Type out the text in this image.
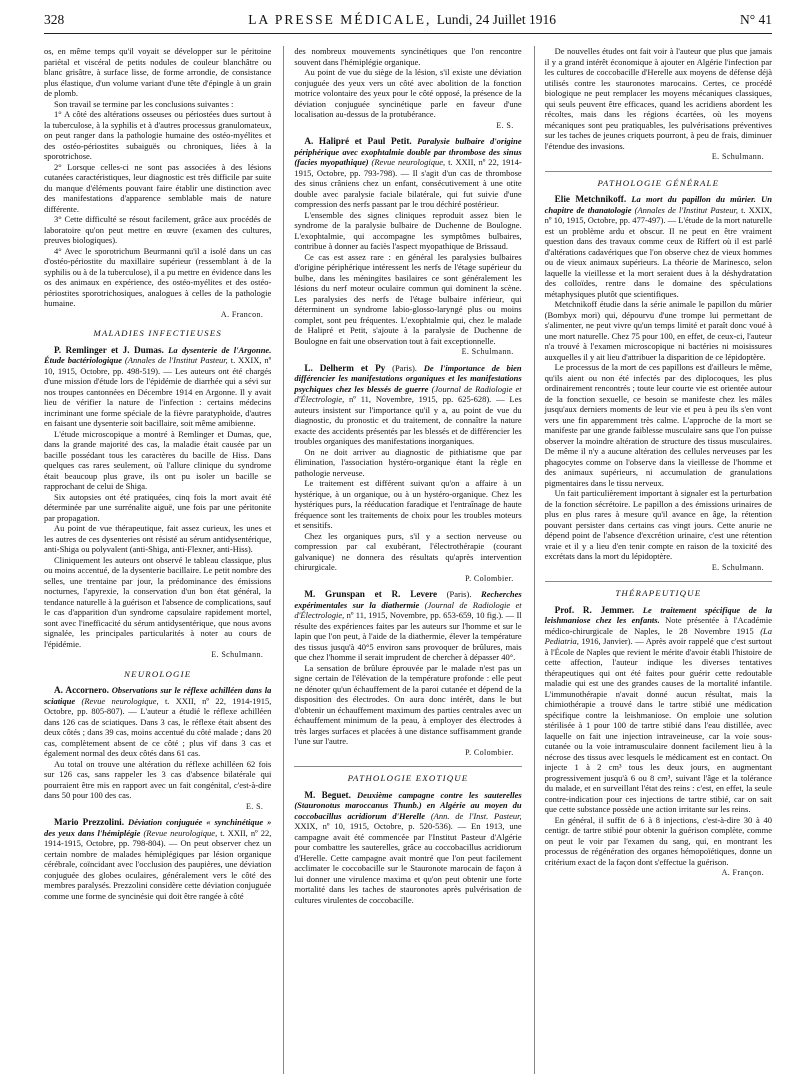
328	LA PRESSE MÉDICALE, Lundi, 24 Juillet 1916	N° 41

os, en même temps qu'il voyait se développer sur le péritoine pariétal et viscéral de petits nodules de couleur blanchâtre ou blanc grisâtre, à surface lisse, de forme arrondie, de consistance plus élastique, d'un volume variant d'une tête d'épingle à un grain de plomb.

Son travail se termine par les conclusions suivantes :

1° A côté des altérations osseuses ou périostées dues surtout à la tuberculose, à la syphilis et à d'autres processus granulomateux, on peut ranger dans la pathologie humaine des ostéo-myélites et des ostéo-périostites subaiguës ou chroniques, liées à la sporotrichose.

2° Lorsque celles-ci ne sont pas associées à des lésions cutanées caractéristiques, leur diagnostic est très difficile par suite du manque d'éléments pouvant faire établir une distinction avec des manifestations d'apparence semblable mais de nature différente.

3° Cette difficulté se résout facilement, grâce aux procédés de laboratoire qu'on peut mettre en œuvre (examen des cultures, preuves biologiques).

4° Avec le sporotrichum Beurmanni qu'il a isolé dans un cas d'ostéo-périostite du maxillaire supérieur (ressemblant à de la syphilis ou à de la tuberculose), il a pu mettre en évidence dans les os des animaux en expérience, des ostéo-myélites et des ostéo-périostites sporotrichosiques, analogues à celles de la pathologie humaine.

A. Francon.
MALADIES INFECTIEUSES

P. Remlinger et J. Dumas. La dysenterie de l'Argonne. Étude bactériologique (Annales de l'Institut Pasteur, t. XXIX, nº 10, 1915, Octobre, pp. 498-519). — Les auteurs ont été chargés d'une mission d'étude lors de l'épidémie de diarrhée qui a sévi sur nos troupes cantonnées en Décembre 1914 en Argonne. Il y avait lieu de vérifier la nature de l'infection : certains médecins incriminant une forme spéciale de la fièvre paratyphoïde, d'autres en faisant une dysenterie soit bacillaire, soit même amibienne.

L'étude microscopique a montré à Remlinger et Dumas, que, dans la grande majorité des cas, la maladie était causée par un bacille possédant tous les caractères du bacille de Hiss. Dans quelques cas rares seulement, où l'allure clinique du syndrome était beaucoup plus grave, ils ont pu isoler un bacille se rapprochant de celui de Shiga.

Six autopsies ont été pratiquées, cinq fois la mort avait été déterminée par une surrénalite aiguë, une fois par une péritonite par propagation.

Au point de vue thérapeutique, fait assez curieux, les unes et les autres de ces dysenteries ont résisté au sérum antidysentérique, anti-Shiga ou polyvalent (anti-Shiga, anti-Flexner, anti-Hiss).

Cliniquement les auteurs ont observé le tableau classique, plus ou moins accentué, de la dysenterie bacillaire. Le petit nombre des selles, une trentaine par jour, la prédominance des émissions nocturnes, l'apyrexie, la conservation d'un bon état général, la tendance naturelle à la guérison et l'absence de complications, sauf le cas d'apparition d'un syndrome capsulaire rapidement mortel, sont avec l'inefficacité du sérum antidysentérique, que nous avons signalée, les principales particularités à noter au cours de l'épidémie.

E. Schulmann.
NEUROLOGIE

A. Accornero. Observations sur le réflexe achilléen dans la sciatique (Revue neurologique, t. XXII, nº 22, 1914-1915, Octobre, pp. 805-807). — L'auteur a étudié le réflexe achilléen dans 126 cas de sciatiques. Dans 3 cas, le réflexe était absent des deux côtés ; dans 39 cas, moins accentué du côté malade ; dans 20 cas, complètement absent de ce côté ; plus vif dans 3 cas et également normal des deux côtés dans 61 cas.

Au total on trouve une altération du réflexe achilléen 62 fois sur 126 cas, sans rappeler les 3 cas d'absence bilatérale qui pourraient être mis en rapport avec un fait congénital, c'est-à-dire dans 50 pour 100 des cas.

E. S.

Mario Prezzolini. Déviation conjuguée « synchinétique » des yeux dans l'hémiplégie (Revue neurologique, t. XXII, nº 22, 1914-1915, Octobre, pp. 798-804). — On peut observer chez un certain nombre de malades hémiplégiques par lésion organique cérébrale, coïncidant avec l'occlusion des paupières, une déviation conjuguée des globes oculaires, généralement vers le côté des membres paralysés. Prezzolini considère cette déviation conjuguée comme une forme de syncinésie qui doit être rangée à côté

des nombreux mouvements syncinétiques que l'on rencontre souvent dans l'hémiplégie organique.

Au point de vue du siège de la lésion, s'il existe une déviation conjuguée des yeux vers un côté avec abolition de la fonction motrice volontaire des yeux pour le côté opposé, la présence de la déviation conjuguée syncinétique parle en faveur d'une localisation au-dessus de la protubérance.

E. S.

A. Halipré et Paul Petit. Paralysie bulbaire d'origine périphérique avec exophtalmie double par thrombose des sinus (facies myopathique) (Revue neurologique, t. XXII, nº 22, 1914-1915, Octobre, pp. 793-798). — Il s'agit d'un cas de thrombose des sinus crâniens chez un enfant, consécutivement à une otite double avec paralysie faciale bilatérale, qui fut suivie d'une compression des nerfs passant par le trou déchiré postérieur.

L'ensemble des signes cliniques reproduit assez bien le syndrome de la paralysie bulbaire de Duchenne de Boulogne. L'exophtalmie, qui accompagne les symptômes bulbaires, contribue à donner au faciès l'aspect myopathique de Brissaud.

Ce cas est assez rare : en général les paralysies bulbaires d'origine périphérique intéressent les nerfs de l'étage supérieur du bulbe, dans les méningites basilaires ce sont généralement les lésions du nerf moteur oculaire commun qui dominent la scène. Les paralysies des nerfs de l'étage bulbaire inférieur, qui déterminent un syndrome labio-glosso-laryngé plus ou moins complet, sont peu fréquentes. L'exophtalmie qui, chez le malade de Halipré et Petit, s'ajoute à la paralysie de Duchenne de Boulogne en fait une observation tout à fait exceptionnelle.

E. Schulmann.

L. Delherm et Py (Paris). De l'importance de bien différencier les manifestations organiques et les manifestations psychiques chez les blessés de guerre (Journal de Radiologie et d'Électrologie, nº 11, Novembre, 1915, pp. 625-628). — Les auteurs insistent sur l'importance qu'il y a, au point de vue du diagnostic, du pronostic et du traitement, de connaître la nature exacte des accidents présentés par les blessés et de différencier les troubles organiques des manifestations inorganiques.

On ne doit arriver au diagnostic de pithiatisme que par élimination, l'association hystéro-organique étant la règle en pathologie nerveuse.

Le traitement est différent suivant qu'on a affaire à un hystérique, à un organique, ou à un hystéro-organique. Chez les hystériques purs, la rééducation faradique et l'entraînage de haute fréquence sont les traitements de choix pour les troubles moteurs et sensitifs.

Chez les organiques purs, s'il y a section nerveuse ou compression par cal exubérant, l'électrothérapie (courant galvanique) ne donnera des résultats qu'après intervention chirurgicale.

P. Colombier.

M. Grunspan et R. Levere (Paris). Recherches expérimentales sur la diathermie (Journal de Radiologie et d'Électrologie, nº 11, 1915, Novembre, pp. 653-659, 10 fig.). — Il résulte des expériences faites par les auteurs sur l'homme et sur le lapin que l'on peut, à l'aide de la diathermie, élever la température des tissus jusqu'à 40°5 environ sans provoquer de brûlures, mais que chez l'homme il serait imprudent de chercher à dépasser 40°.

La sensation de brûlure éprouvée par le malade n'est pas un signe certain de l'élévation de la température profonde : elle peut ne dénoter qu'un échauffement de la paroi cutanée et dépend de la disposition des électrodes. On aura donc intérêt, dans le but d'obtenir un échauffement maximum des parties centrales avec un échauffement minimum de la peau, à employer des électrodes à très larges surfaces et placées à une distance suffisamment grande l'une sur l'autre.

P. Colombier.
PATHOLOGIE EXOTIQUE

M. Beguet. Deuxième campagne contre les sauterelles (Stauronotus maroccanus Thunb.) en Algérie au moyen du coccobacillus acridiorum d'Herelle (Ann. de l'Inst. Pasteur, XXIX, nº 10, 1915, Octobre, p. 520-536). — En 1913, une campagne avait été commencée par l'Institut Pasteur d'Algérie pour combattre les sauterelles, grâce au coccobacillus acridiorum d'Herelle. Cette campagne avait montré que l'on peut facilement acclimater le coccobacille sur le Stauronote marocain de façon à lui donner une virulence maxima et qu'on peut obtenir une forte mortalité dans les taches de stauronotes après pulvérisation de cultures virulentes de coccobacille.

De nouvelles études ont fait voir à l'auteur que plus que jamais il y a grand intérêt économique à ajouter en Algérie l'infection par les cultures de coccobacille d'Herelle aux moyens de défense déjà utilisés contre les stauronotes marocains. Certes, ce procédé biologique ne peut remplacer les moyens mécaniques classiques, qui seuls peuvent être efficaces, quand les acridiens abordent les récoltes, mais dans les régions écartées, où les moyens mécaniques sont peu pratiquables, les pulvérisations préventives sur les taches de jeunes criquets pourront, à peu de frais, diminuer l'étendue des invasions.

E. Schulmann.
PATHOLOGIE GÉNÉRALE

Elie Metchnikoff. La mort du papillon du mûrier. Un chapitre de thanatologie (Annales de l'Institut Pasteur, t. XXIX, nº 10, 1915, Octobre, pp. 477-497). — L'étude de la mort naturelle est un problème ardu et obscur. Il ne peut en être vraiment question dans des travaux comme ceux de Riffert où il est parlé d'altérations cadavériques que l'on observe chez de vieux hommes ou de vieux animaux supérieurs. La théorie de Marinesco, selon laquelle la vieillesse et la mort seraient dues à la déshydratation des colloïdes, rentre dans le domaine des spéculations métaphysiques plutôt que scientifiques.

Metchnikoff étudie dans la série animale le papillon du mûrier (Bombyx mori) qui, dépourvu d'une trompe lui permettant de s'alimenter, ne peut vivre qu'un temps limité et paraît donc voué à une mort naturelle. Chez 75 pour 100, en effet, de ceux-ci, l'auteur n'a trouvé à l'examen microscopique ni bactéries ni moisissures auxquelles il y ait lieu d'attribuer la disparition de ce lépidoptère.

Le processus de la mort de ces papillons est d'ailleurs le même, qu'ils aient ou non été infectés par des diplocoques, les plus ordinairement rencontrés ; toute leur courte vie est orientée autour de la fonction sexuelle, ce besoin se manifeste chez les mâles jusqu'aux derniers moments de leur vie et peu à peu ils s'en vont vers une fin apparemment très calme. L'approche de la mort se manifeste par une grande faiblesse musculaire sans que l'on puisse observer la moindre altération de structure des tissus musculaires. De même il n'y a aucune altération des cellules nerveuses par les phagocytes comme on l'observe dans la vieillesse de l'homme et des animaux supérieurs, ni accumulation de granulations pigmentaires dans le tissu nerveux.

Un fait particulièrement important à signaler est la perturbation de la fonction sécrétoire. Le papillon a des émissions urinaires de plus en plus rares à mesure qu'il avance en âge, la rétention pouvant persister dans certains cas vingt jours. Cette anurie ne dépend point de l'absence d'excrétion urinaire, c'est une rétention vraie et il y a lieu d'en tenir compte en raison de la toxicité des excrétats dans la mort du lépidoptère.

E. Schulmann.
THÉRAPEUTIQUE

Prof. R. Jemmer. Le traitement spécifique de la leishmaniose chez les enfants. Note présentée à l'Académie médico-chirurgicale de Naples, le 28 Novembre 1915 (La Pediatria, 1916, Janvier). — Après avoir rappelé que c'est surtout à l'École de Naples que revient le mérite d'avoir établi l'histoire de cette affection, l'auteur indique les diverses tentatives thérapeutiques qui ont été faites pour guérir cette redoutable maladie qui est une des grandes causes de la mortalité infantile. L'immunothérapie n'avait donné aucun résultat, mais la chimiothérapie a trouvé dans le tartre stibié une médication spécifique contre la leishmaniose. On emploie une solution stérilisée à 1 pour 100 de tartre stibié dans l'eau distillée, avec laquelle on fait une injection intraveineuse, car la voie sous-cutanée ou la voie intramusculaire donnent facilement lieu à la nécrose des tissus avec lesquels le médicament est en contact. On injecte 1 à 2 cm³ tous les deux jours, en augmentant progressivement jusqu'à 6 ou 8 cm³, suivant l'âge et la tolérance du malade, et en surveillant l'état des reins : c'est, en effet, la seule contre-indication pour ces injections de tartre stibié, car on sait que cette substance possède une action irritante sur les reins.

En général, il suffit de 6 à 8 injections, c'est-à-dire 30 à 40 centigr. de tartre stibié pour obtenir la guérison complète, comme on peut le voir par l'examen du sang, qui, en montrant les processus de régénération des organes hémopoïétiques, donne un critérium exact de la façon dont s'effectue la guérison.

A. Françon.
